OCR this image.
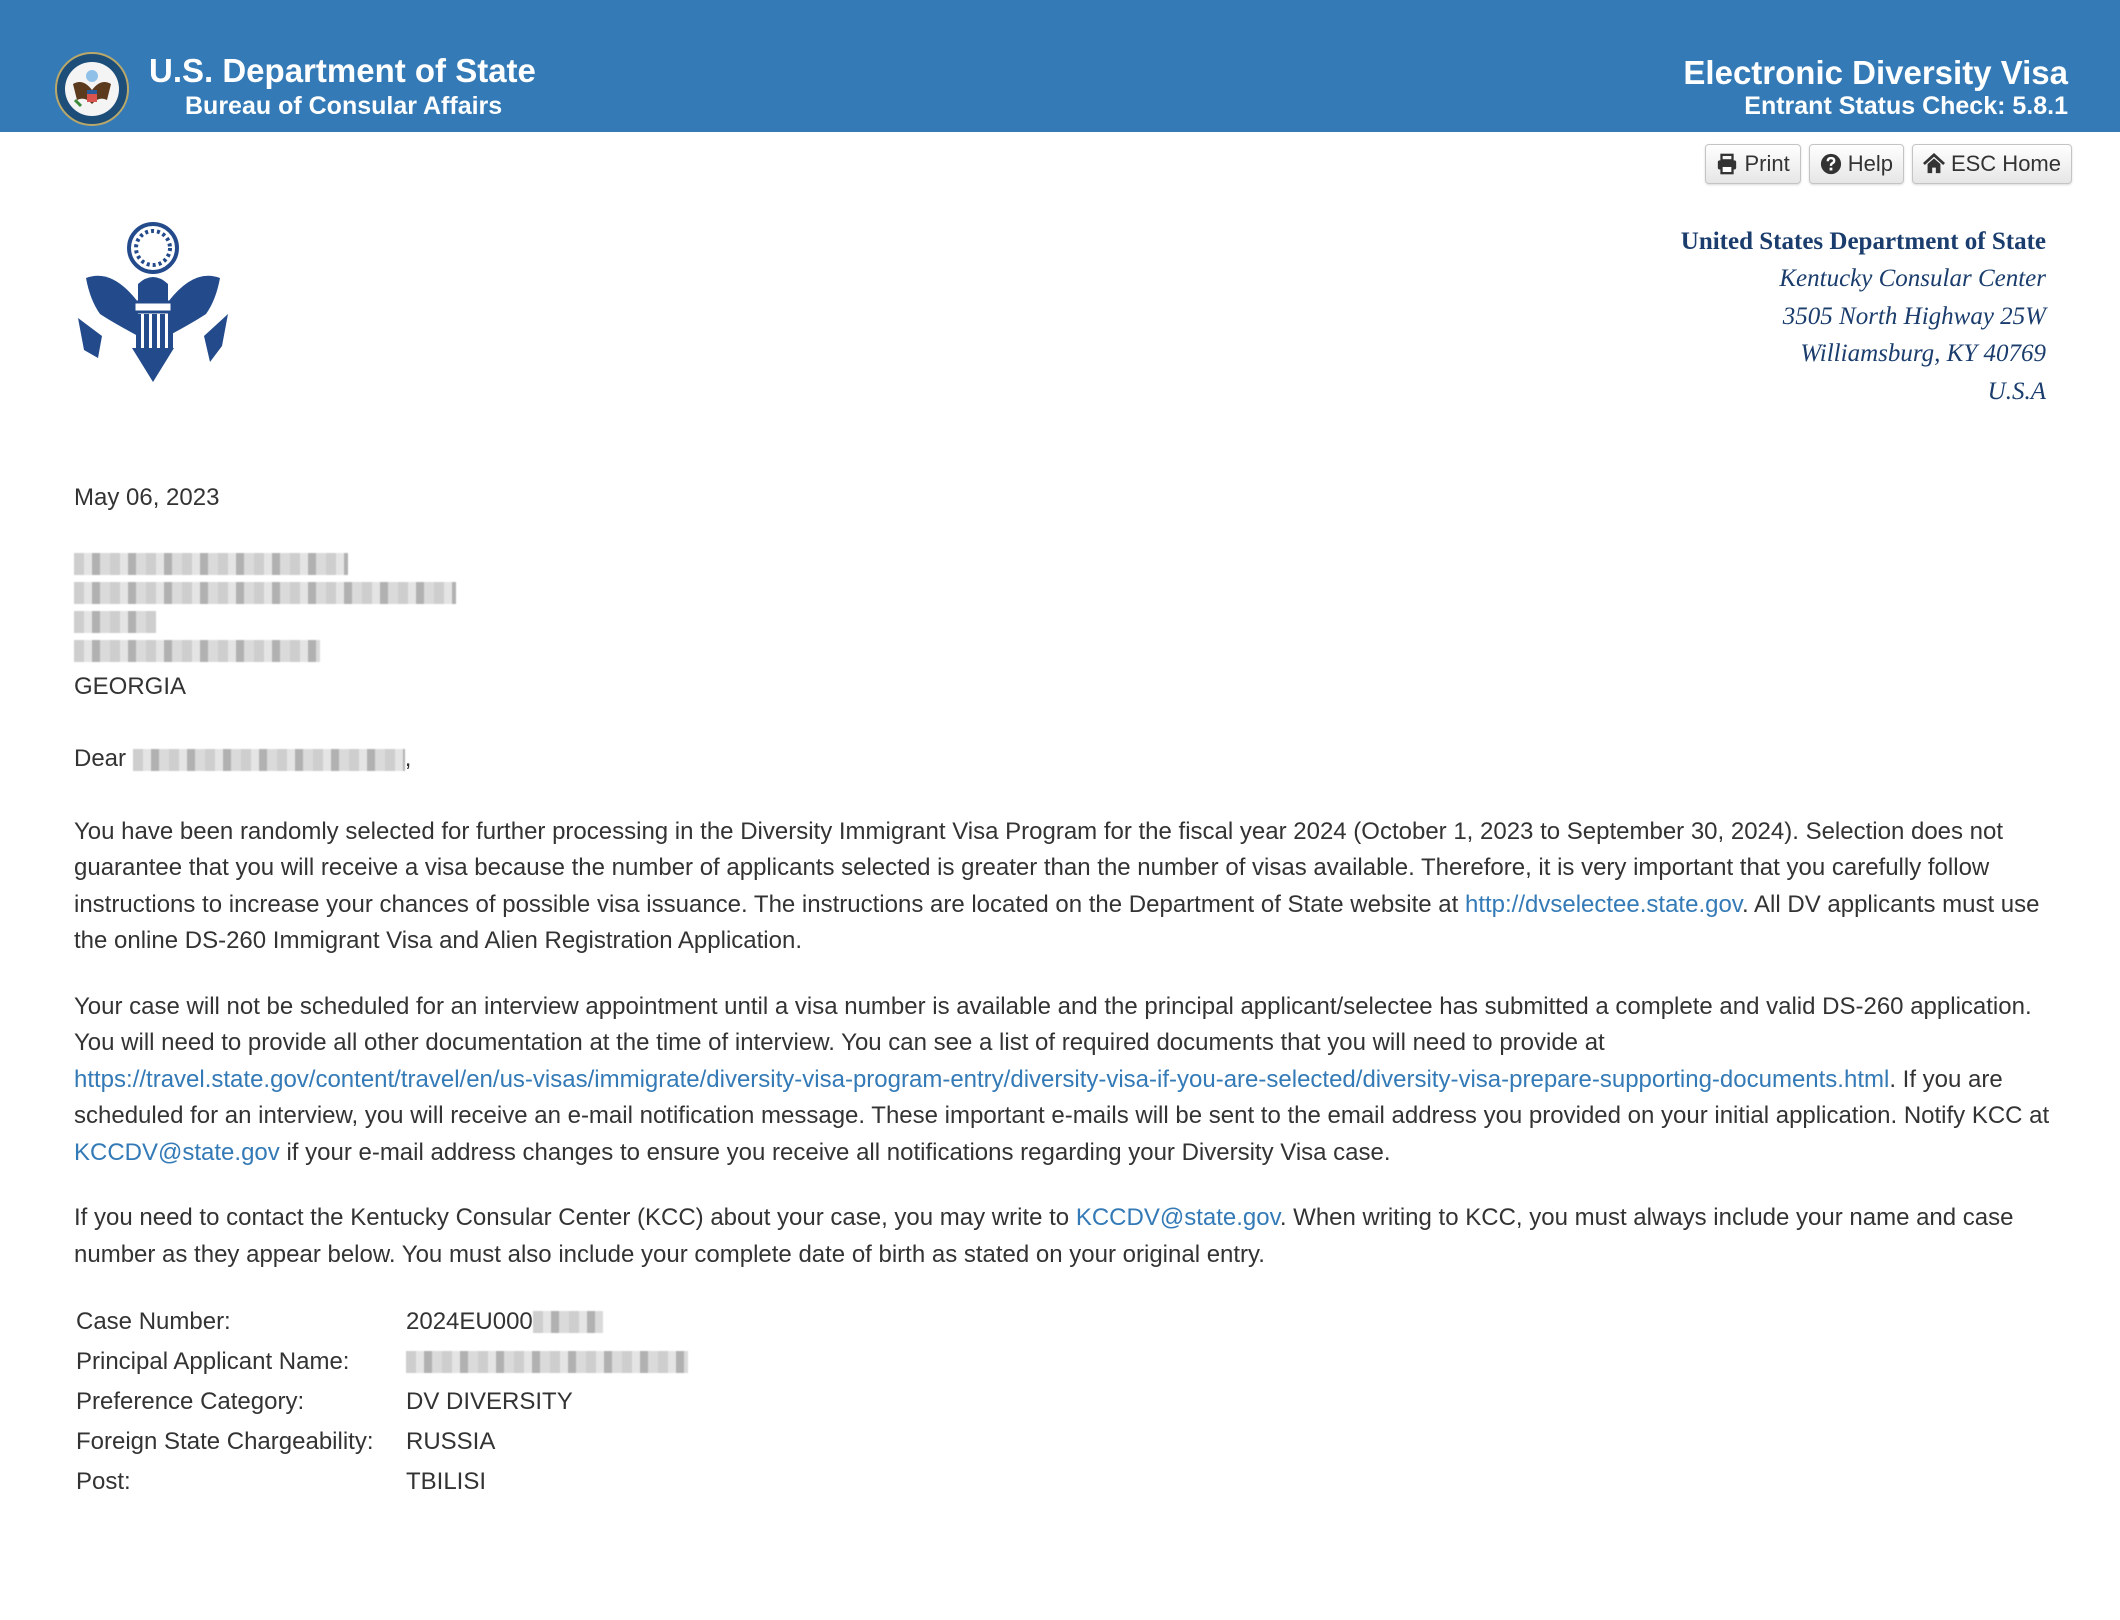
U.S. Department of State
Bureau of Consular Affairs
Electronic Diversity Visa
Entrant Status Check: 5.8.1
Print	Help	ESC Home
United States Department of State
Kentucky Consular Center
3505 North Highway 25W
Williamsburg, KY 40769
U.S.A
May 06, 2023
GEORGIA
Dear	,

You have been randomly selected for further processing in the Diversity Immigrant Visa Program for the fiscal year 2024 (October 1, 2023 to September 30, 2024). Selection does not guarantee that you will receive a visa because the number of applicants selected is greater than the number of visas available. Therefore, it is very important that you carefully follow instructions to increase your chances of possible visa issuance. The instructions are located on the Department of State website at http://dvselectee.state.gov. All DV applicants must use the online DS-260 Immigrant Visa and Alien Registration Application.

Your case will not be scheduled for an interview appointment until a visa number is available and the principal applicant/selectee has submitted a complete and valid DS-260 application. You will need to provide all other documentation at the time of interview. You can see a list of required documents that you will need to provide at https://travel.state.gov/content/travel/en/us-visas/immigrate/diversity-visa-program-entry/diversity-visa-if-you-are-selected/diversity-visa-prepare-supporting-documents.html. If you are scheduled for an interview, you will receive an e-mail notification message. These important e-mails will be sent to the email address you provided on your initial application. Notify KCC at KCCDV@state.gov if your e-mail address changes to ensure you receive all notifications regarding your Diversity Visa case.

If you need to contact the Kentucky Consular Center (KCC) about your case, you may write to KCCDV@state.gov. When writing to KCC, you must always include your name and case number as they appear below. You must also include your complete date of birth as stated on your original entry.

Case Number:	2024EU000
Principal Applicant Name:	
Preference Category:	DV DIVERSITY
Foreign State Chargeability:	RUSSIA
Post:	TBILISI
